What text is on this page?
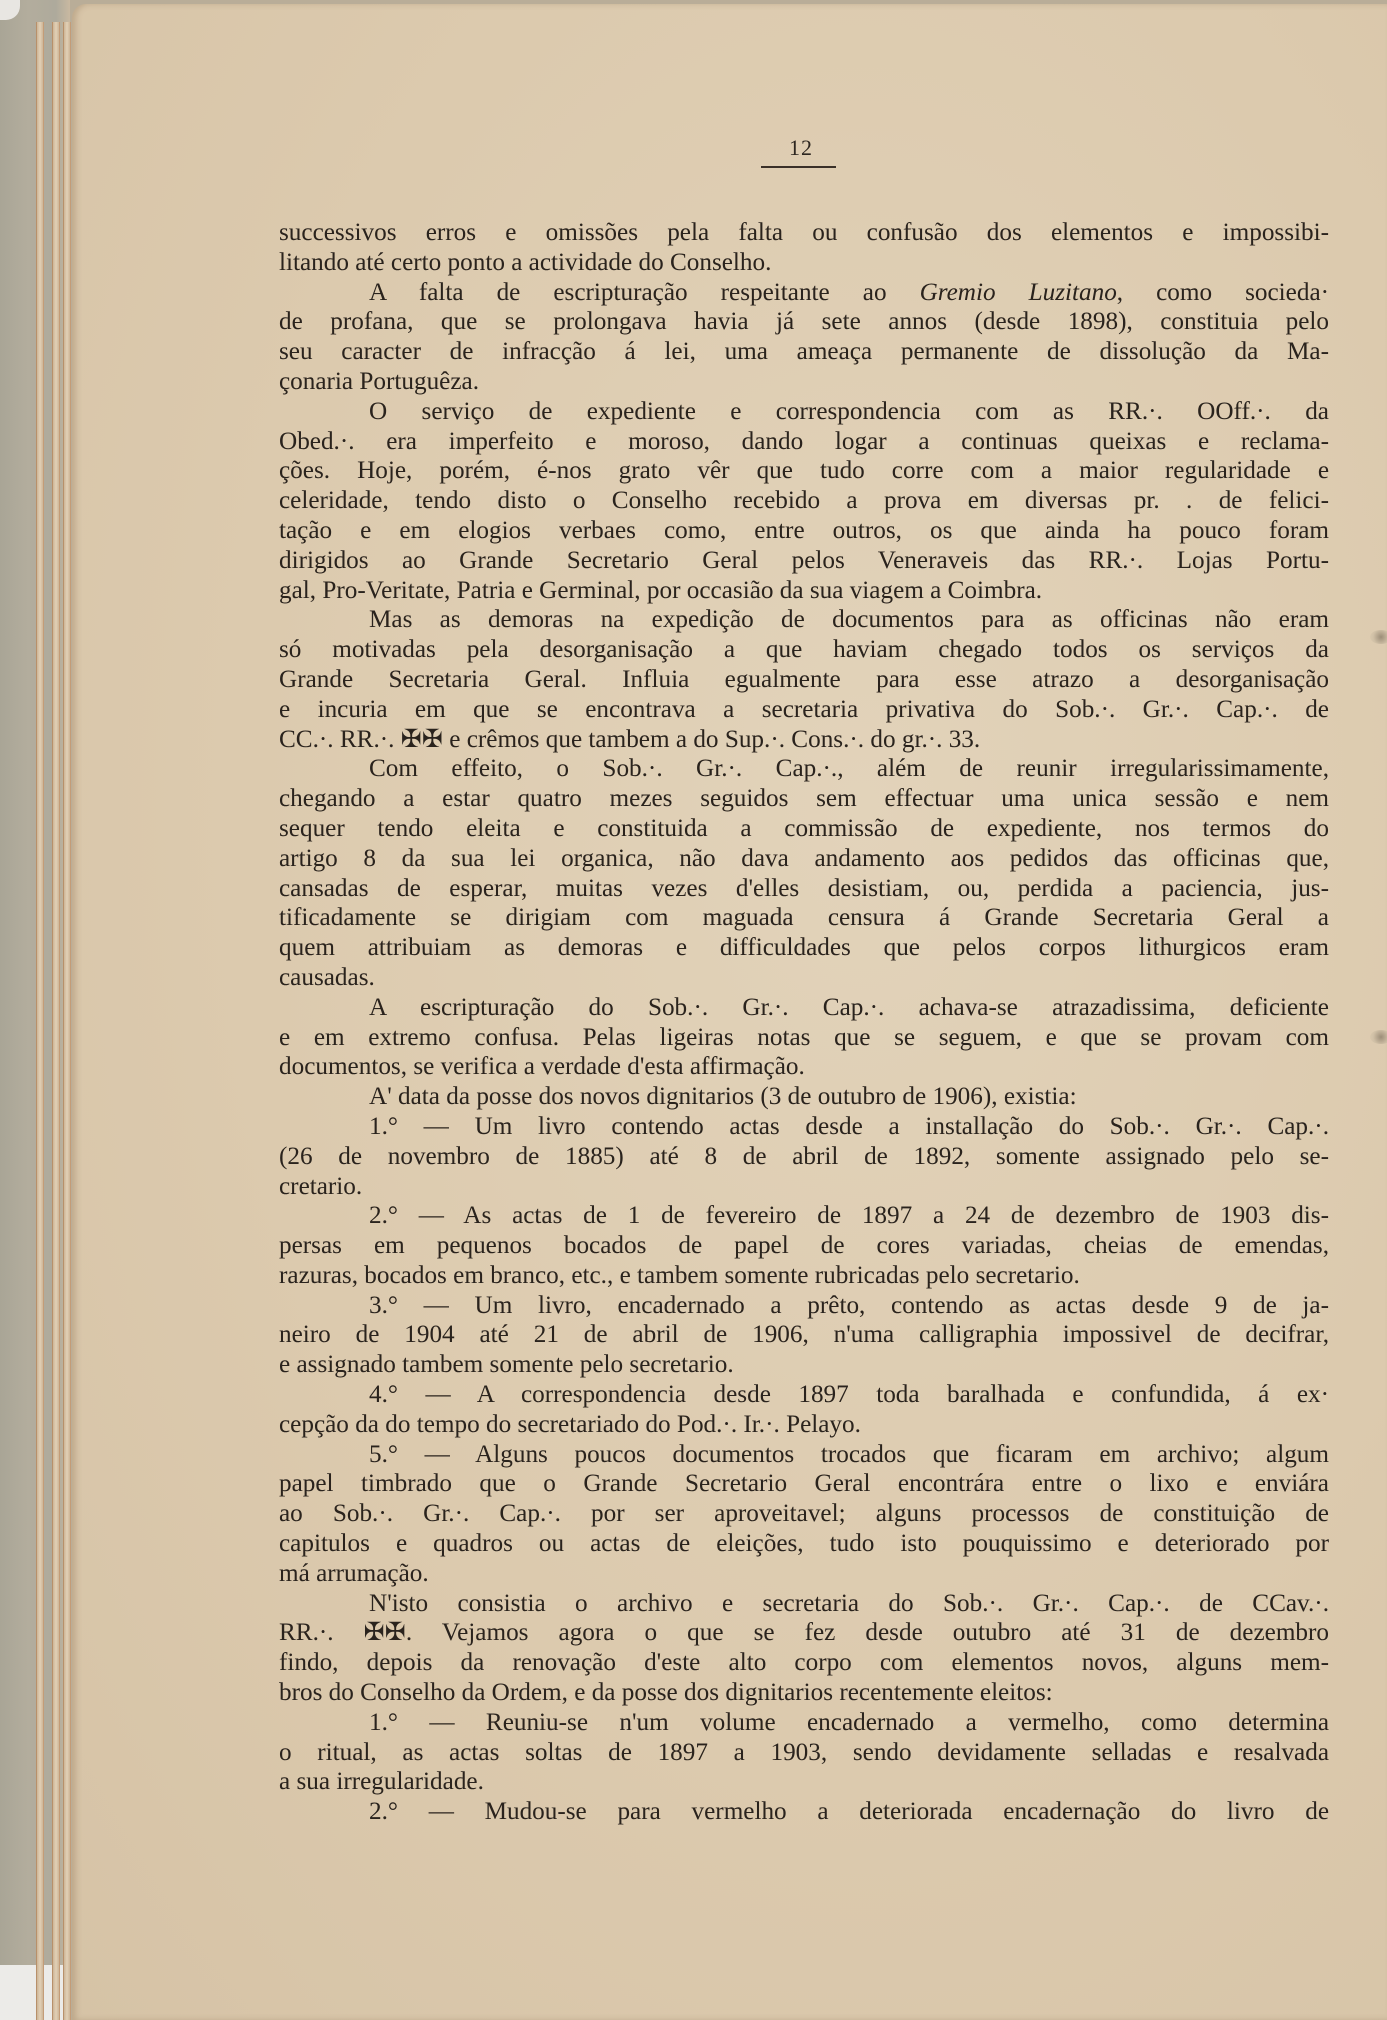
12
successivos erros e omissões pela falta ou confusão dos elementos e impossibi-
litando até certo ponto a actividade do Conselho.
A falta de escripturação respeitante ao Gremio Luzitano, como socieda·
de profana, que se prolongava havia já sete annos (desde 1898), constituia pelo
seu caracter de infracção á lei, uma ameaça permanente de dissolução da Ma-
çonaria Portuguêza.
O serviço de expediente e correspondencia com as RR.·. OOff.·. da
Obed.·. era imperfeito e moroso, dando logar a continuas queixas e reclama-
ções. Hoje, porém, é-nos grato vêr que tudo corre com a maior regularidade e
celeridade, tendo disto o Conselho recebido a prova em diversas pr. . de felici-
tação e em elogios verbaes como, entre outros, os que ainda ha pouco foram
dirigidos ao Grande Secretario Geral pelos Veneraveis das RR.·. Lojas Portu-
gal, Pro-Veritate, Patria e Germinal, por occasião da sua viagem a Coimbra.
Mas as demoras na expedição de documentos para as officinas não eram
só motivadas pela desorganisação a que haviam chegado todos os serviços da
Grande Secretaria Geral. Influia egualmente para esse atrazo a desorganisação
e incuria em que se encontrava a secretaria privativa do Sob.·. Gr.·. Cap.·. de
CC.·. RR.·. ✠✠ e crêmos que tambem a do Sup.·. Cons.·. do gr.·. 33.
Com effeito, o Sob.·. Gr.·. Cap.·., além de reunir irregularissimamente,
chegando a estar quatro mezes seguidos sem effectuar uma unica sessão e nem
sequer tendo eleita e constituida a commissão de expediente, nos termos do
artigo 8 da sua lei organica, não dava andamento aos pedidos das officinas que,
cansadas de esperar, muitas vezes d'elles desistiam, ou, perdida a paciencia, jus-
tificadamente se dirigiam com maguada censura á Grande Secretaria Geral a
quem attribuiam as demoras e difficuldades que pelos corpos lithurgicos eram
causadas.
A escripturação do Sob.·. Gr.·. Cap.·. achava-se atrazadissima, deficiente
e em extremo confusa. Pelas ligeiras notas que se seguem, e que se provam com
documentos, se verifica a verdade d'esta affirmação.
A' data da posse dos novos dignitarios (3 de outubro de 1906), existia:
1.° — Um livro contendo actas desde a installação do Sob.·. Gr.·. Cap.·.
(26 de novembro de 1885) até 8 de abril de 1892, somente assignado pelo se-
cretario.
2.° — As actas de 1 de fevereiro de 1897 a 24 de dezembro de 1903 dis-
persas em pequenos bocados de papel de cores variadas, cheias de emendas,
razuras, bocados em branco, etc., e tambem somente rubricadas pelo secretario.
3.° — Um livro, encadernado a prêto, contendo as actas desde 9 de ja-
neiro de 1904 até 21 de abril de 1906, n'uma calligraphia impossivel de decifrar,
e assignado tambem somente pelo secretario.
4.° — A correspondencia desde 1897 toda baralhada e confundida, á ex·
cepção da do tempo do secretariado do Pod.·. Ir.·. Pelayo.
5.° — Alguns poucos documentos trocados que ficaram em archivo; algum
papel timbrado que o Grande Secretario Geral encontrára entre o lixo e enviára
ao Sob.·. Gr.·. Cap.·. por ser aproveitavel; alguns processos de constituição de
capitulos e quadros ou actas de eleições, tudo isto pouquissimo e deteriorado por
má arrumação.
N'isto consistia o archivo e secretaria do Sob.·. Gr.·. Cap.·. de CCav.·.
RR.·. ✠✠. Vejamos agora o que se fez desde outubro até 31 de dezembro
findo, depois da renovação d'este alto corpo com elementos novos, alguns mem-
bros do Conselho da Ordem, e da posse dos dignitarios recentemente eleitos:
1.° — Reuniu-se n'um volume encadernado a vermelho, como determina
o ritual, as actas soltas de 1897 a 1903, sendo devidamente selladas e resalvada
a sua irregularidade.
2.° — Mudou-se para vermelho a deteriorada encadernação do livro de
